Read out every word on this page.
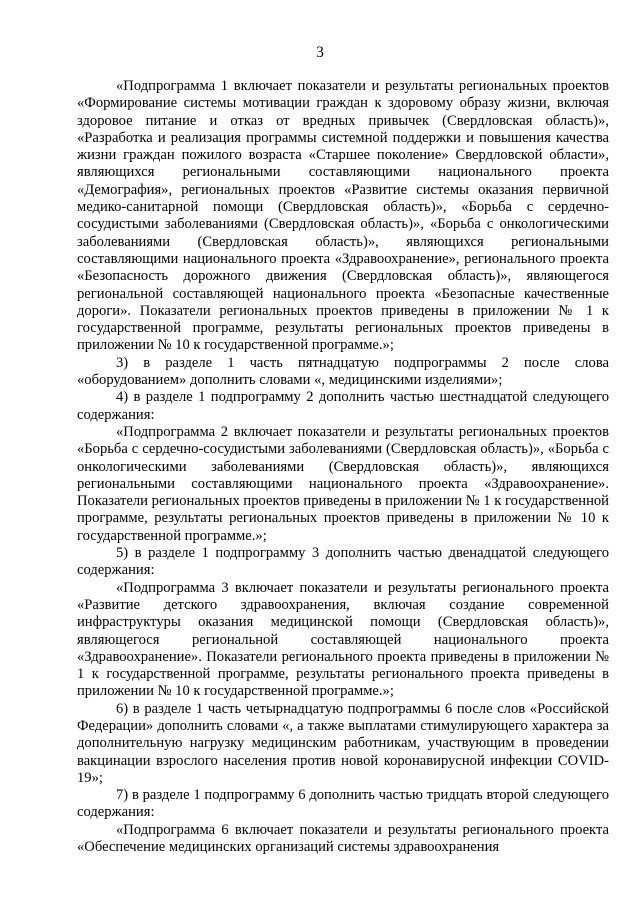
3

«Подпрограмма 1 включает показатели и результаты региональных проектов «Формирование системы мотивации граждан к здоровому образу жизни, включая здоровое питание и отказ от вредных привычек (Свердловская область)», «Разработка и реализация программы системной поддержки и повышения качества жизни граждан пожилого возраста «Старшее поколение» Свердловской области», являющихся региональными составляющими национального проекта «Демография», региональных проектов «Развитие системы оказания первичной медико-санитарной помощи (Свердловская область)», «Борьба с сердечно-сосудистыми заболеваниями (Свердловская область)», «Борьба с онкологическими заболеваниями (Свердловская область)», являющихся региональными составляющими национального проекта «Здравоохранение», регионального проекта «Безопасность дорожного движения (Свердловская область)», являющегося региональной составляющей национального проекта «Безопасные качественные дороги». Показатели региональных проектов приведены в приложении № 1 к государственной программе, результаты региональных проектов приведены в приложении № 10 к государственной программе.»;

3) в разделе 1 часть пятнадцатую подпрограммы 2 после слова «оборудованием» дополнить словами «, медицинскими изделиями»;

4) в разделе 1 подпрограмму 2 дополнить частью шестнадцатой следующего содержания:

«Подпрограмма 2 включает показатели и результаты региональных проектов «Борьба с сердечно-сосудистыми заболеваниями (Свердловская область)», «Борьба с онкологическими заболеваниями (Свердловская область)», являющихся региональными составляющими национального проекта «Здравоохранение». Показатели региональных проектов приведены в приложении № 1 к государственной программе, результаты региональных проектов приведены в приложении № 10 к государственной программе.»;

5) в разделе 1 подпрограмму 3 дополнить частью двенадцатой следующего содержания:

«Подпрограмма 3 включает показатели и результаты регионального проекта «Развитие детского здравоохранения, включая создание современной инфраструктуры оказания медицинской помощи (Свердловская область)», являющегося региональной составляющей национального проекта «Здравоохранение». Показатели регионального проекта приведены в приложении № 1 к государственной программе, результаты регионального проекта приведены в приложении № 10 к государственной программе.»;

6) в разделе 1 часть четырнадцатую подпрограммы 6 после слов «Российской Федерации» дополнить словами «, а также выплатами стимулирующего характера за дополнительную нагрузку медицинским работникам, участвующим в проведении вакцинации взрослого населения против новой коронавирусной инфекции COVID-19»;

7) в разделе 1 подпрограмму 6 дополнить частью тридцать второй следующего содержания:

«Подпрограмма 6 включает показатели и результаты регионального проекта «Обеспечение медицинских организаций системы здравоохранения
